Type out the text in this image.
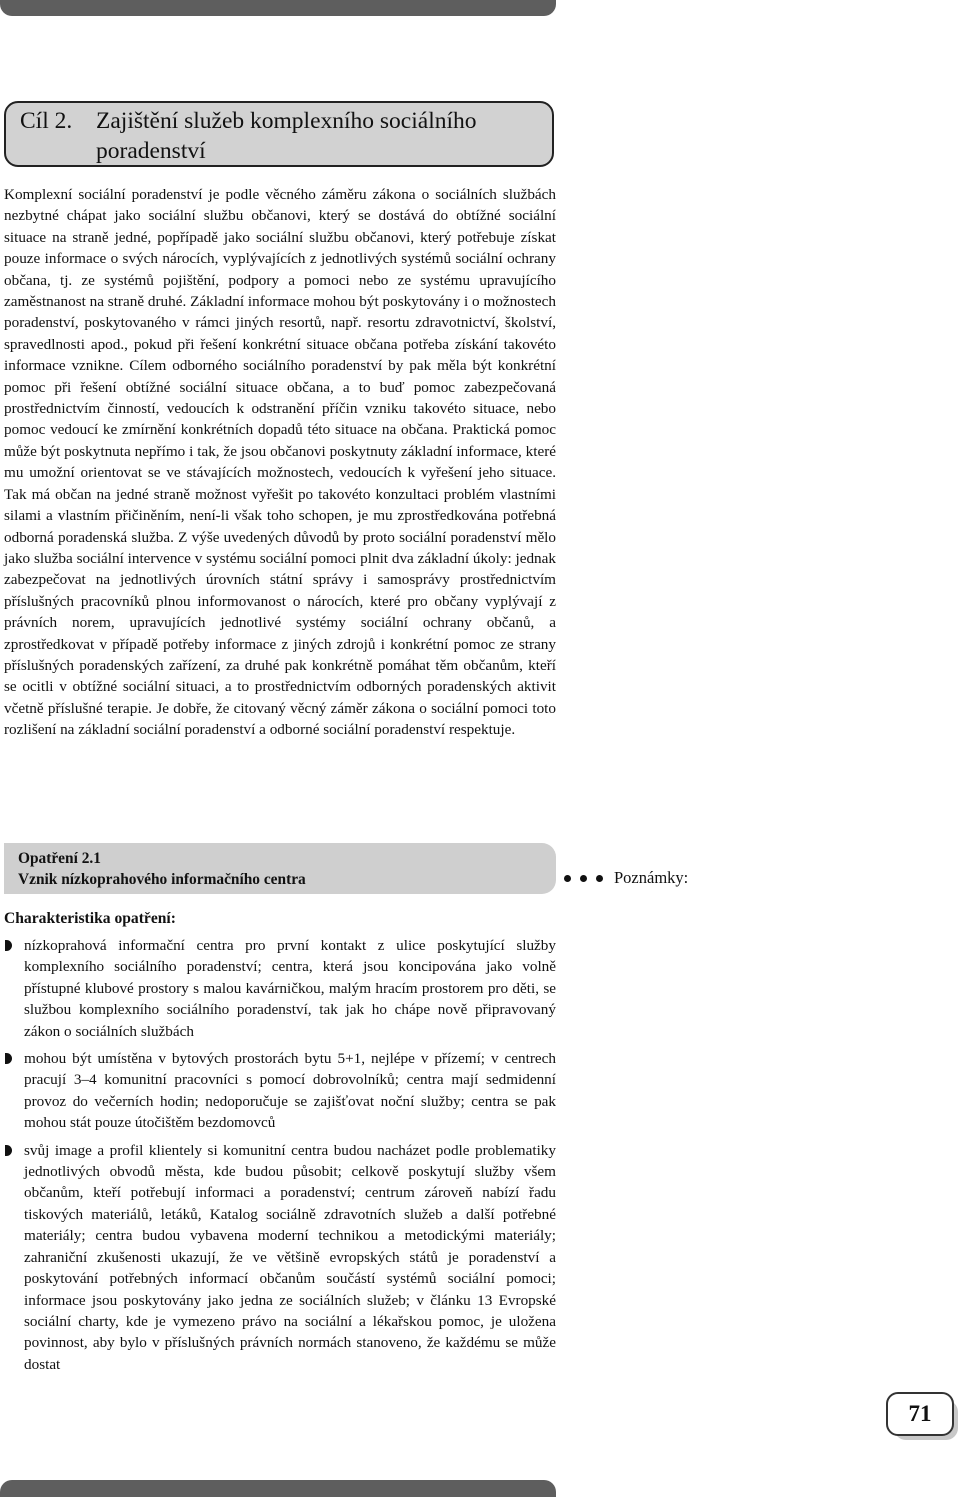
Cíl 2.	Zajištění služeb komplexního sociálního poradenství

Komplexní sociální poradenství je podle věcného záměru zákona o sociálních službách nezbytné chápat jako sociální službu občanovi, který se dostává do obtížné sociální situace na straně jedné, popřípadě jako sociální službu občanovi, který potřebuje získat pouze informace o svých nárocích, vyplývajících z jednotlivých systémů sociální ochrany občana, tj. ze systémů pojištění, podpory a pomoci nebo ze systému upravujícího zaměstnanost na straně druhé. Základní informace mohou být poskytovány i o možnostech poradenství, poskytovaného v rámci jiných resortů, např. resortu zdravotnictví, školství, spravedlnosti apod., pokud při řešení konkrétní situace občana potřeba získání takovéto informace vznikne. Cílem odborného sociálního poradenství by pak měla být konkrétní pomoc při řešení obtížné sociální situace občana, a to buď pomoc zabezpečovaná prostřednictvím činností, vedoucích k odstranění příčin vzniku takovéto situace, nebo pomoc vedoucí ke zmírnění konkrétních dopadů této situace na občana. Praktická pomoc může být poskytnuta nepřímo i tak, že jsou občanovi poskytnuty základní informace, které mu umožní orientovat se ve stávajících možnostech, vedoucích k vyřešení jeho situace. Tak má občan na jedné straně možnost vyřešit po takovéto konzultaci problém vlastními silami a vlastním přičiněním, není-li však toho schopen, je mu zprostředkována potřebná odborná poradenská služba. Z výše uvedených důvodů by proto sociální poradenství mělo jako služba sociální intervence v systému sociální pomoci plnit dva základní úkoly: jednak zabezpečovat na jednotlivých úrovních státní správy i samosprávy prostřednictvím příslušných pracovníků plnou informovanost o nárocích, které pro občany vyplývají z právních norem, upravujících jednotlivé systémy sociální ochrany občanů, a zprostředkovat v případě potřeby informace z jiných zdrojů i konkrétní pomoc ze strany příslušných poradenských zařízení, za druhé pak konkrétně pomáhat těm občanům, kteří se ocitli v obtížné sociální situaci, a to prostřednictvím odborných poradenských aktivit včetně příslušné terapie. Je dobře, že citovaný věcný záměr zákona o sociální pomoci toto rozlišení na základní sociální poradenství a odborné sociální poradenství respektuje.

Opatření 2.1
Vznik nízkoprahového informačního centra	Poznámky:
Charakteristika opatření:
nízkoprahová informační centra pro první kontakt z ulice poskytující služby komplexního sociálního poradenství; centra, která jsou koncipována jako volně přístupné klubové prostory s malou kavárničkou, malým hracím prostorem pro děti, se službou komplexního sociálního poradenství, tak jak ho chápe nově připravovaný zákon o sociálních službách
mohou být umístěna v bytových prostorách bytu 5+1, nejlépe v přízemí; v centrech pracují 3–4 komunitní pracovníci s pomocí dobrovolníků; centra mají sedmidenní provoz do večerních hodin; nedoporučuje se zajišťovat noční služby; centra se pak mohou stát pouze útočištěm bezdomovců
svůj image a profil klientely si komunitní centra budou nacházet podle problematiky jednotlivých obvodů města, kde budou působit; celkově poskytují služby všem občanům, kteří potřebují informaci a poradenství; centrum zároveň nabízí řadu tiskových materiálů, letáků, Katalog sociálně zdravotních služeb a další potřebné materiály; centra budou vybavena moderní technikou a metodickými materiály; zahraniční zkušenosti ukazují, že ve většině evropských států je poradenství a poskytování potřebných informací občanům součástí systémů sociální pomoci; informace jsou poskytovány jako jedna ze sociálních služeb; v článku 13 Evropské sociální charty, kde je vymezeno právo na sociální a lékařskou pomoc, je uložena povinnost, aby bylo v příslušných právních normách stanoveno, že každému se může dostat
71
